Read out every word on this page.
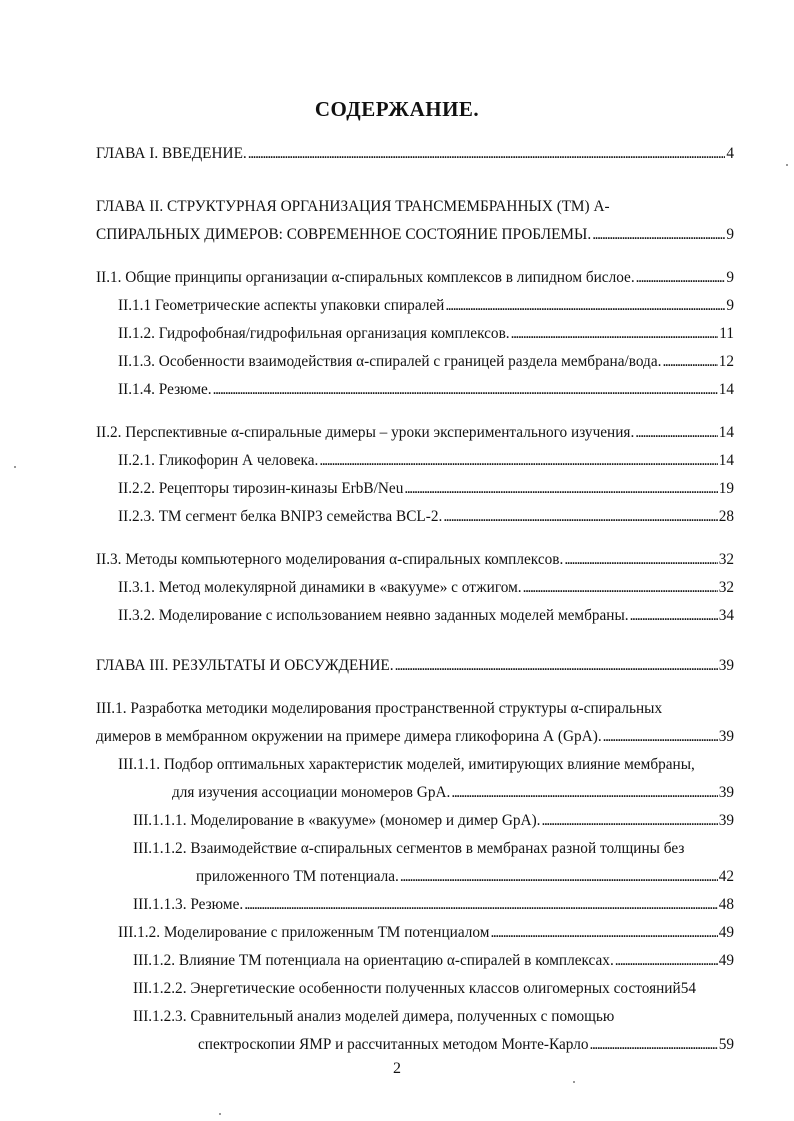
СОДЕРЖАНИЕ.
ГЛАВА I. ВВЕДЕНИЕ. . . .	4
ГЛАВА II. СТРУКТУРНАЯ ОРГАНИЗАЦИЯ ТРАНСМЕМБРАННЫХ (ТМ) А-
СПИРАЛЬНЫХ ДИМЕРОВ: СОВРЕМЕННОЕ СОСТОЯНИЕ ПРОБЛЕМЫ. . . .	9
II.1. Общие принципы организации α-спиральных комплексов в липидном бислое. . . .	9
II.1.1 Геометрические аспекты упаковки спиралей . . .	9
II.1.2. Гидрофобная/гидрофильная организация комплексов. . . .	11
II.1.3. Особенности взаимодействия α-спиралей с границей раздела мембрана/вода. . . .	12
II.1.4. Резюме. . . .	14
II.2. Перспективные α-спиральные димеры – уроки экспериментального изучения. . . .	14
II.2.1. Гликофорин А человека. . . .	14
II.2.2. Рецепторы тирозин-киназы ErbB/Neu . . .	19
II.2.3. ТМ сегмент белка BNIP3 семейства BCL-2. . . .	28
II.3. Методы компьютерного моделирования α-спиральных комплексов. . . .	32
II.3.1. Метод молекулярной динамики в «вакууме» с отжигом. . . .	32
II.3.2. Моделирование с использованием неявно заданных моделей мембраны. . . .	34
ГЛАВА III. РЕЗУЛЬТАТЫ И ОБСУЖДЕНИЕ. . . .	39
III.1. Разработка методики моделирования пространственной структуры α-спиральных
димеров в мембранном окружении на примере димера гликофорина А (GpA). . . .	39
III.1.1. Подбор оптимальных характеристик моделей, имитирующих влияние мембраны,
для изучения ассоциации мономеров GpA. . . .	39
III.1.1.1. Моделирование в «вакууме» (мономер и димер GpA). . . .	39
III.1.1.2. Взаимодействие α-спиральных сегментов в мембранах разной толщины без
приложенного ТМ потенциала. . . .	42
III.1.1.3. Резюме. . . .	48
III.1.2. Моделирование с приложенным ТМ потенциалом . . .	49
III.1.2. Влияние ТМ потенциала на ориентацию α-спиралей в комплексах. . . .	49
III.1.2.2. Энергетические особенности полученных классов олигомерных состояний 54
III.1.2.3. Сравнительный анализ моделей димера, полученных с помощью
спектроскопии ЯМР и рассчитанных методом Монте-Карло . . .	59
2
